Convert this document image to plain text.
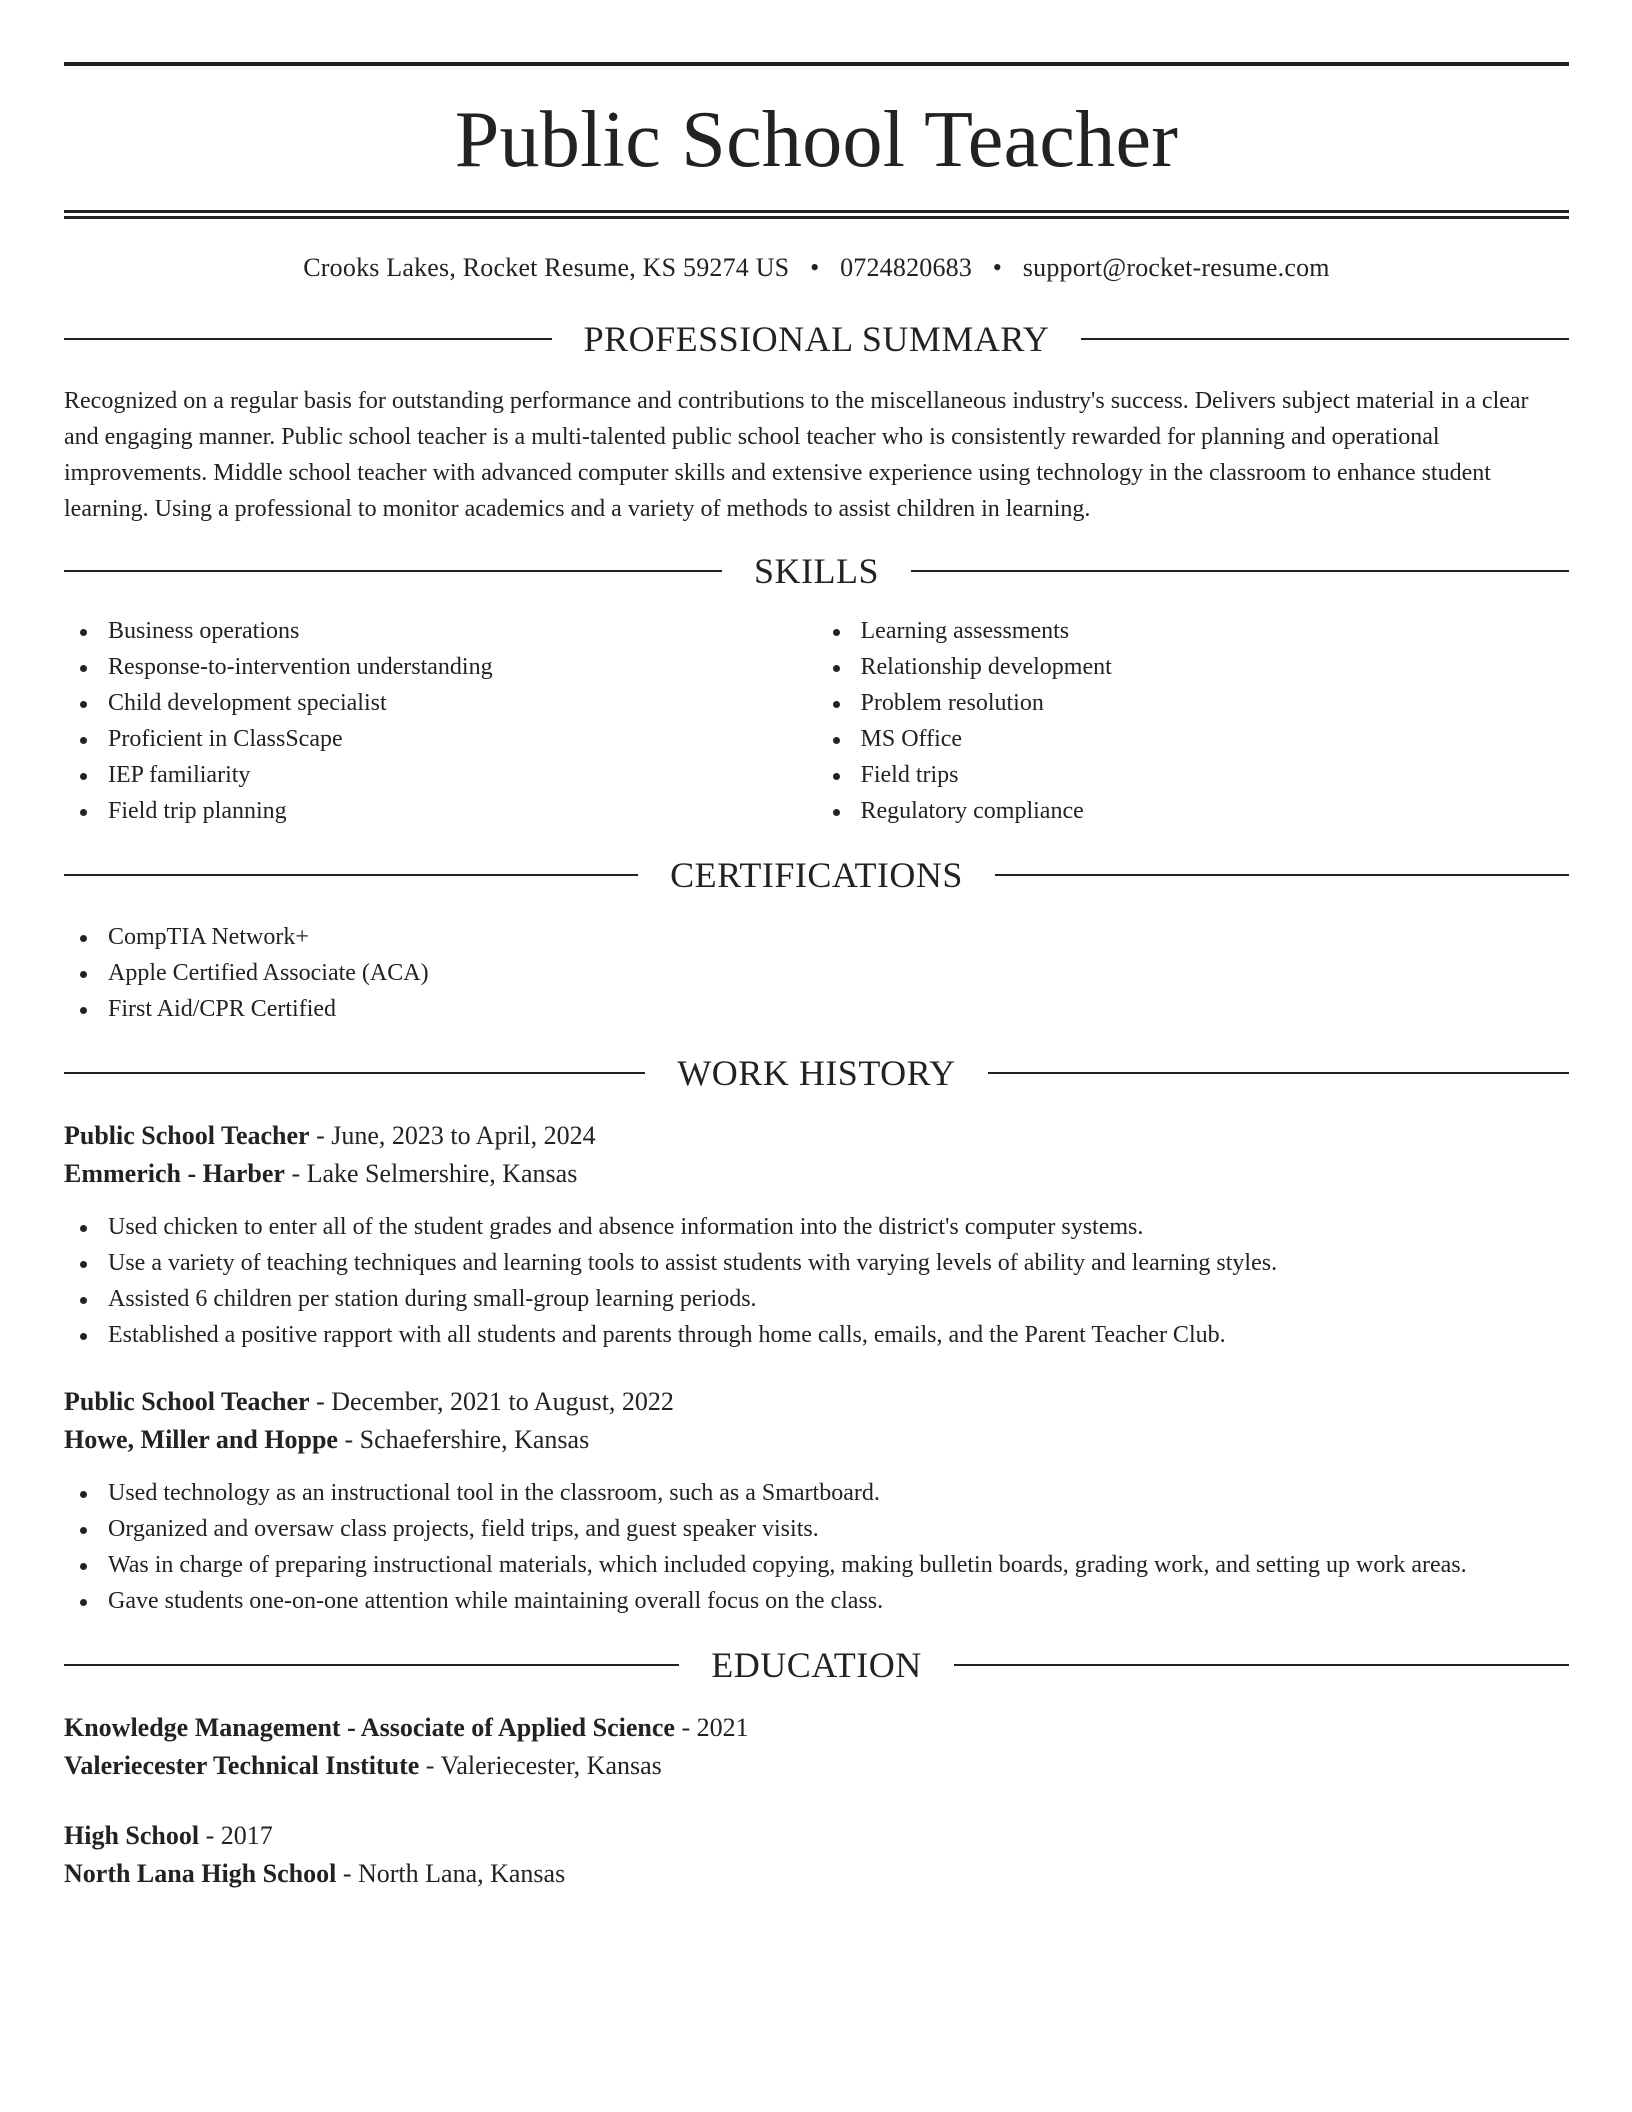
Public School Teacher
Crooks Lakes, Rocket Resume, KS 59274 US • 0724820683 • support@rocket-resume.com
PROFESSIONAL SUMMARY

Recognized on a regular basis for outstanding performance and contributions to the miscellaneous industry's success. Delivers subject material in a clear and engaging manner. Public school teacher is a multi-talented public school teacher who is consistently rewarded for planning and operational improvements. Middle school teacher with advanced computer skills and extensive experience using technology in the classroom to enhance student learning. Using a professional to monitor academics and a variety of methods to assist children in learning.

SKILLS
Business operations
Response-to-intervention understanding
Child development specialist
Proficient in ClassScape
IEP familiarity
Field trip planning
Learning assessments
Relationship development
Problem resolution
MS Office
Field trips
Regulatory compliance
CERTIFICATIONS
CompTIA Network+
Apple Certified Associate (ACA)
First Aid/CPR Certified
WORK HISTORY
Public School Teacher - June, 2023 to April, 2024
Emmerich - Harber - Lake Selmershire, Kansas
Used chicken to enter all of the student grades and absence information into the district's computer systems.
Use a variety of teaching techniques and learning tools to assist students with varying levels of ability and learning styles.
Assisted 6 children per station during small-group learning periods.
Established a positive rapport with all students and parents through home calls, emails, and the Parent Teacher Club.
Public School Teacher - December, 2021 to August, 2022
Howe, Miller and Hoppe - Schaefershire, Kansas
Used technology as an instructional tool in the classroom, such as a Smartboard.
Organized and oversaw class projects, field trips, and guest speaker visits.
Was in charge of preparing instructional materials, which included copying, making bulletin boards, grading work, and setting up work areas.
Gave students one-on-one attention while maintaining overall focus on the class.
EDUCATION
Knowledge Management - Associate of Applied Science - 2021
Valeriecester Technical Institute - Valeriecester, Kansas
High School - 2017
North Lana High School - North Lana, Kansas
